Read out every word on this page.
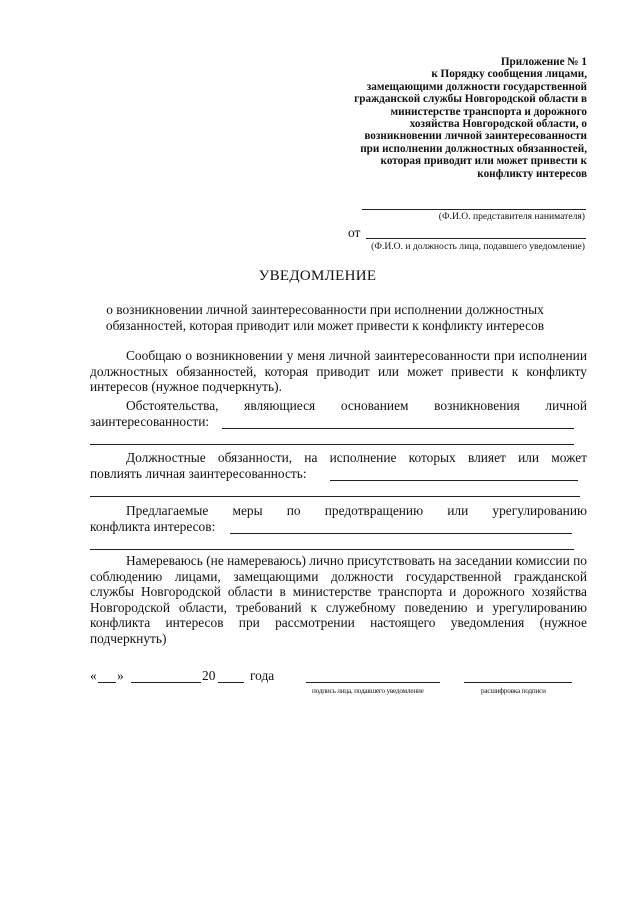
Приложение № 1
к Порядку сообщения лицами,
замещающими должности государственной
гражданской службы Новгородской области в
министерстве транспорта и дорожного
хозяйства Новгородской области, о
возникновении личной заинтересованности
при исполнении должностных обязанностей,
которая приводит или может привести к
конфликту интересов
(Ф.И.О. представителя нанимателя)
от
(Ф.И.О. и должность лица, подавшего уведомление)
УВЕДОМЛЕНИЕ
о возникновении личной заинтересованности при исполнении должностных обязанностей, которая приводит или может привести к конфликту интересов
Сообщаю о возникновении у меня личной заинтересованности при исполнении должностных обязанностей, которая приводит или может привести к конфликту интересов (нужное подчеркнуть).
Обстоятельства, являющиеся основанием возникновения личной
заинтересованности:
Должностные обязанности, на исполнение которых влияет или может
повлиять личная заинтересованность:
Предлагаемые меры по предотвращению или урегулированию
конфликта интересов:
Намереваюсь (не намереваюсь) лично присутствовать на заседании комиссии по соблюдению лицами, замещающими должности государственной гражданской службы Новгородской области в министерстве транспорта и дорожного хозяйства Новгородской области, требований к служебному поведению и урегулированию конфликта интересов при рассмотрении настоящего уведомления (нужное подчеркнуть)
« »	20	года
подпись лица, подавшего уведомление	расшифровка подписи
